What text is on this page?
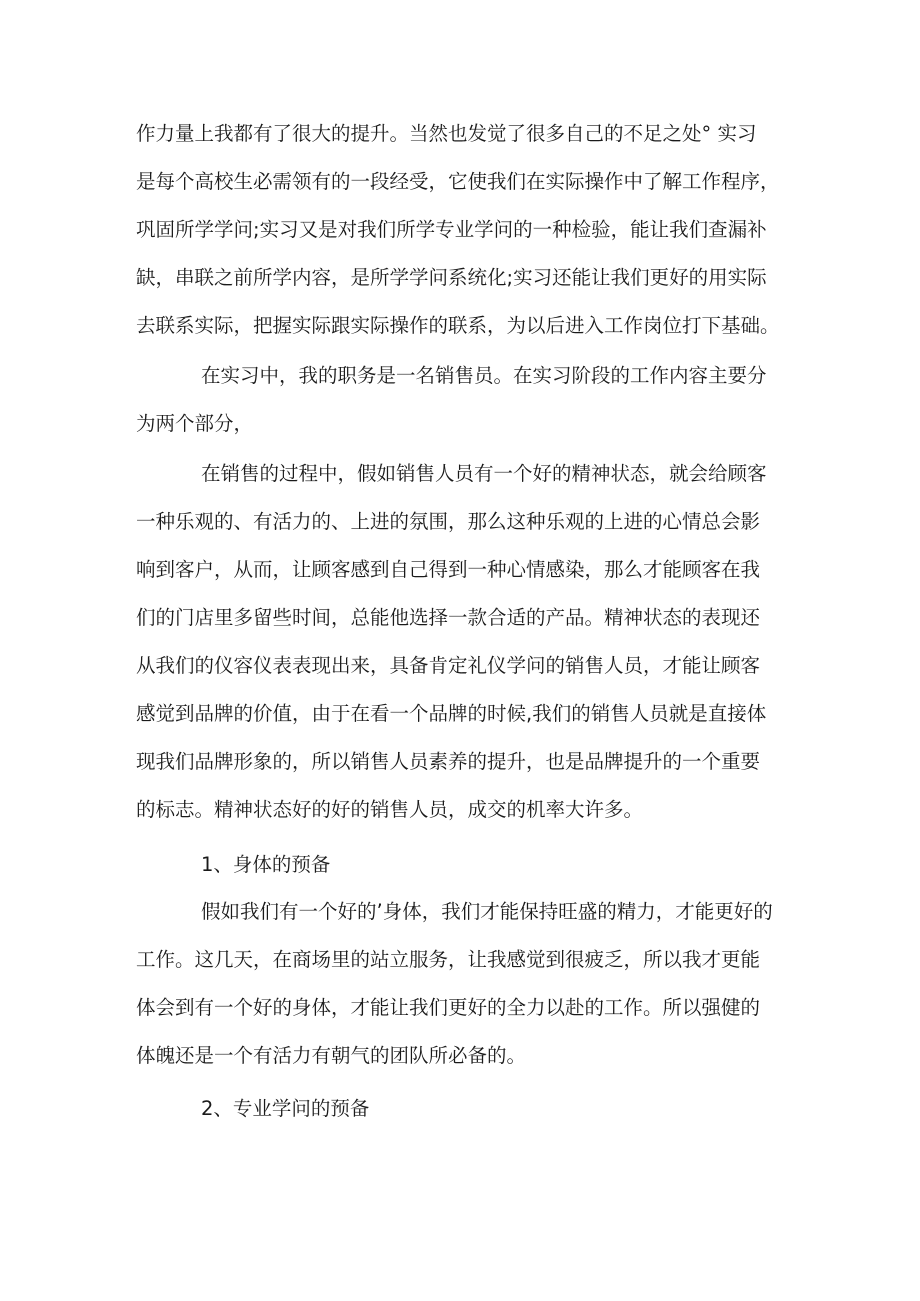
作力量上我都有了很大的提升。当然也发觉了很多自己的不足之处° 实习

是每个高校生必需领有的一段经受，它使我们在实际操作中了解工作程序，

巩固所学学问;实习又是对我们所学专业学问的一种检验，能让我们查漏补

缺，串联之前所学内容，是所学学问系统化;实习还能让我们更好的用实际

去联系实际，把握实际跟实际操作的联系，为以后进入工作岗位打下基础。

在实习中，我的职务是一名销售员。在实习阶段的工作内容主要分

为两个部分，

在销售的过程中，假如销售人员有一个好的精神状态，就会给顾客

一种乐观的、有活力的、上进的氛围，那么这种乐观的上进的心情总会影

响到客户，从而，让顾客感到自己得到一种心情感染，那么才能顾客在我

们的门店里多留些时间，总能他选择一款合适的产品。精神状态的表现还

从我们的仪容仪表表现出来，具备肯定礼仪学问的销售人员，才能让顾客

感觉到品牌的价值，由于在看一个品牌的时候,我们的销售人员就是直接体

现我们品牌形象的，所以销售人员素养的提升，也是品牌提升的一个重要

的标志。精神状态好的好的销售人员，成交的机率大许多。

1、身体的预备

假如我们有一个好的’身体，我们才能保持旺盛的精力，才能更好的

工作。这几天，在商场里的站立服务，让我感觉到很疲乏，所以我才更能

体会到有一个好的身体，才能让我们更好的全力以赴的工作。所以强健的

体魄还是一个有活力有朝气的团队所必备的。

2、专业学问的预备
